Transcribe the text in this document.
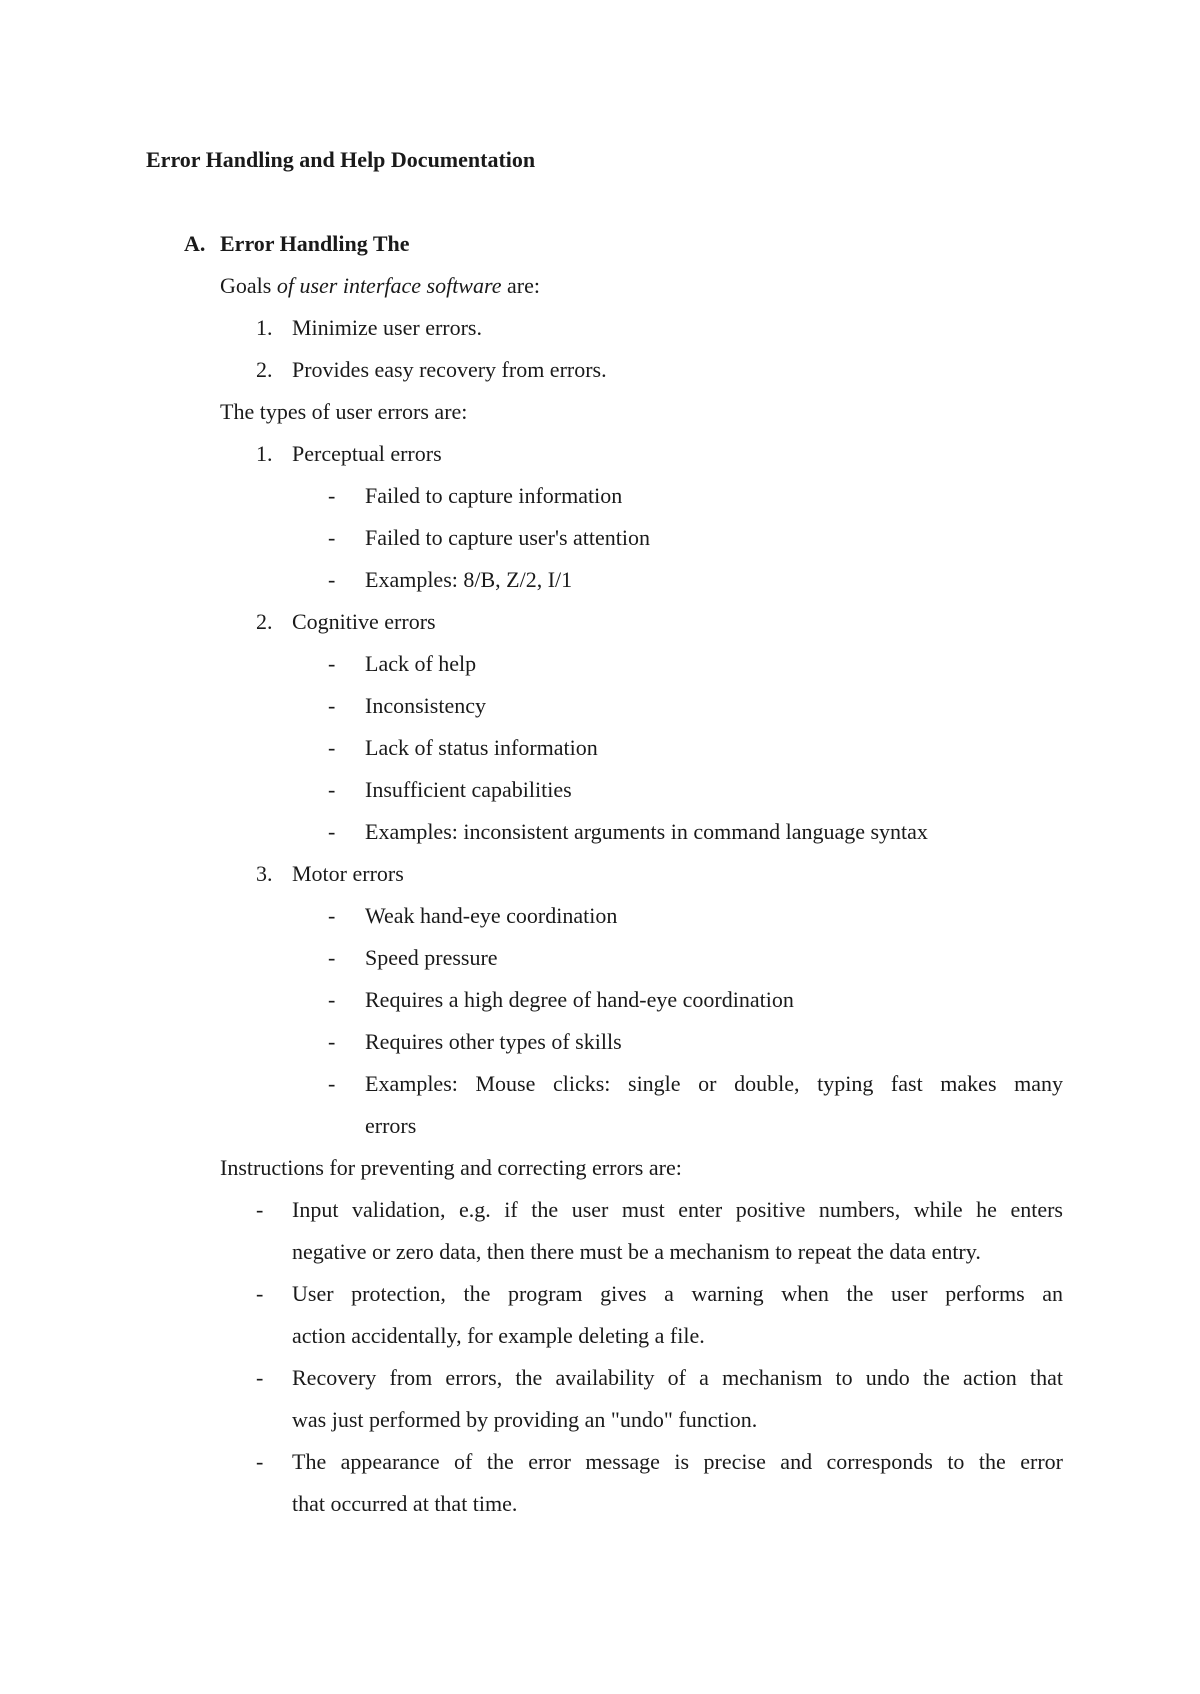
Error Handling and Help Documentation
A. Error Handling The
Goals of user interface software are:
1. Minimize user errors.
2. Provides easy recovery from errors.
The types of user errors are:
1. Perceptual errors
- Failed to capture information
- Failed to capture user's attention
- Examples: 8/B, Z/2, I/1
2. Cognitive errors
- Lack of help
- Inconsistency
- Lack of status information
- Insufficient capabilities
- Examples: inconsistent arguments in command language syntax
3. Motor errors
- Weak hand-eye coordination
- Speed pressure
- Requires a high degree of hand-eye coordination
- Requires other types of skills
- Examples: Mouse clicks: single or double, typing fast makes many
errors
Instructions for preventing and correcting errors are:
- Input validation, e.g. if the user must enter positive numbers, while he enters
negative or zero data, then there must be a mechanism to repeat the data entry.
- User protection, the program gives a warning when the user performs an
action accidentally, for example deleting a file.
- Recovery from errors, the availability of a mechanism to undo the action that
was just performed by providing an "undo" function.
- The appearance of the error message is precise and corresponds to the error
that occurred at that time.
